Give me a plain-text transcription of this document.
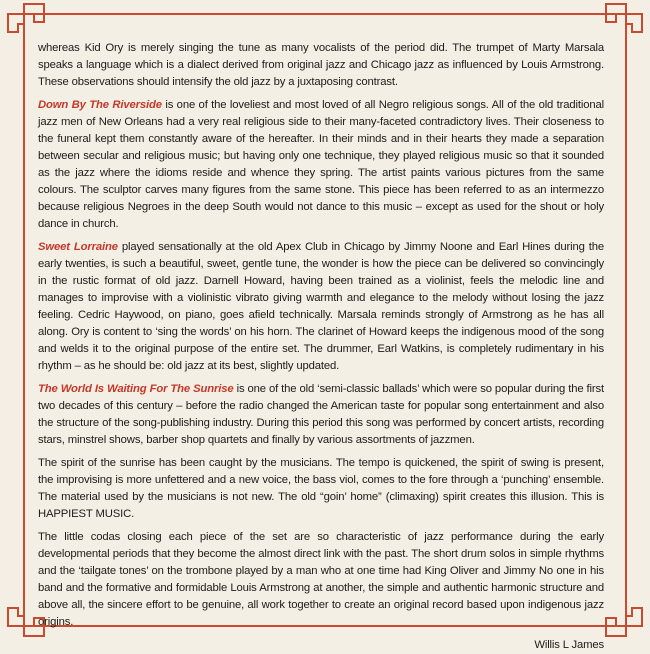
whereas Kid Ory is merely singing the tune as many vocalists of the period did. The trumpet of Marty Marsala speaks a language which is a dialect derived from original jazz and Chicago jazz as influenced by Louis Armstrong. These observations should intensify the old jazz by a juxtaposing contrast.

Down By The Riverside is one of the loveliest and most loved of all Negro religious songs. All of the old traditional jazz men of New Orleans had a very real religious side to their many-faceted contradictory lives. Their closeness to the funeral kept them constantly aware of the hereafter. In their minds and in their hearts they made a separation between secular and religious music; but having only one technique, they played religious music so that it sounded as the jazz where the idioms reside and whence they spring. The artist paints various pictures from the same colours. The sculptor carves many figures from the same stone. This piece has been referred to as an intermezzo because religious Negroes in the deep South would not dance to this music – except as used for the shout or holy dance in church.

Sweet Lorraine played sensationally at the old Apex Club in Chicago by Jimmy Noone and Earl Hines during the early twenties, is such a beautiful, sweet, gentle tune, the wonder is how the piece can be delivered so convincingly in the rustic format of old jazz. Darnell Howard, having been trained as a violinist, feels the melodic line and manages to improvise with a violinistic vibrato giving warmth and elegance to the melody without losing the jazz feeling. Cedric Haywood, on piano, goes afield technically. Marsala reminds strongly of Armstrong as he has all along. Ory is content to ‘sing the words’ on his horn. The clarinet of Howard keeps the indigenous mood of the song and welds it to the original purpose of the entire set. The drummer, Earl Watkins, is completely rudimentary in his rhythm – as he should be: old jazz at its best, slightly updated.

The World Is Waiting For The Sunrise is one of the old ‘semi-classic ballads’ which were so popular during the first two decades of this century – before the radio changed the American taste for popular song entertainment and also the structure of the song-publishing industry. During this period this song was performed by concert artists, recording stars, minstrel shows, barber shop quartets and finally by various assortments of jazzmen.

The spirit of the sunrise has been caught by the musicians. The tempo is quickened, the spirit of swing is present, the improvising is more unfettered and a new voice, the bass viol, comes to the fore through a ‘punching’ ensemble. The material used by the musicians is not new. The old “goin’ home” (climaxing) spirit creates this illusion. This is HAPPIEST MUSIC.

The little codas closing each piece of the set are so characteristic of jazz performance during the early developmental periods that they become the almost direct link with the past. The short drum solos in simple rhythms and the ‘tailgate tones’ on the trombone played by a man who at one time had King Oliver and Jimmy No one in his band and the formative and formidable Louis Armstrong at another, the simple and authentic harmonic structure and above all, the sincere effort to be genuine, all work together to create an original record based upon indigenous jazz origins.

Willis L James
